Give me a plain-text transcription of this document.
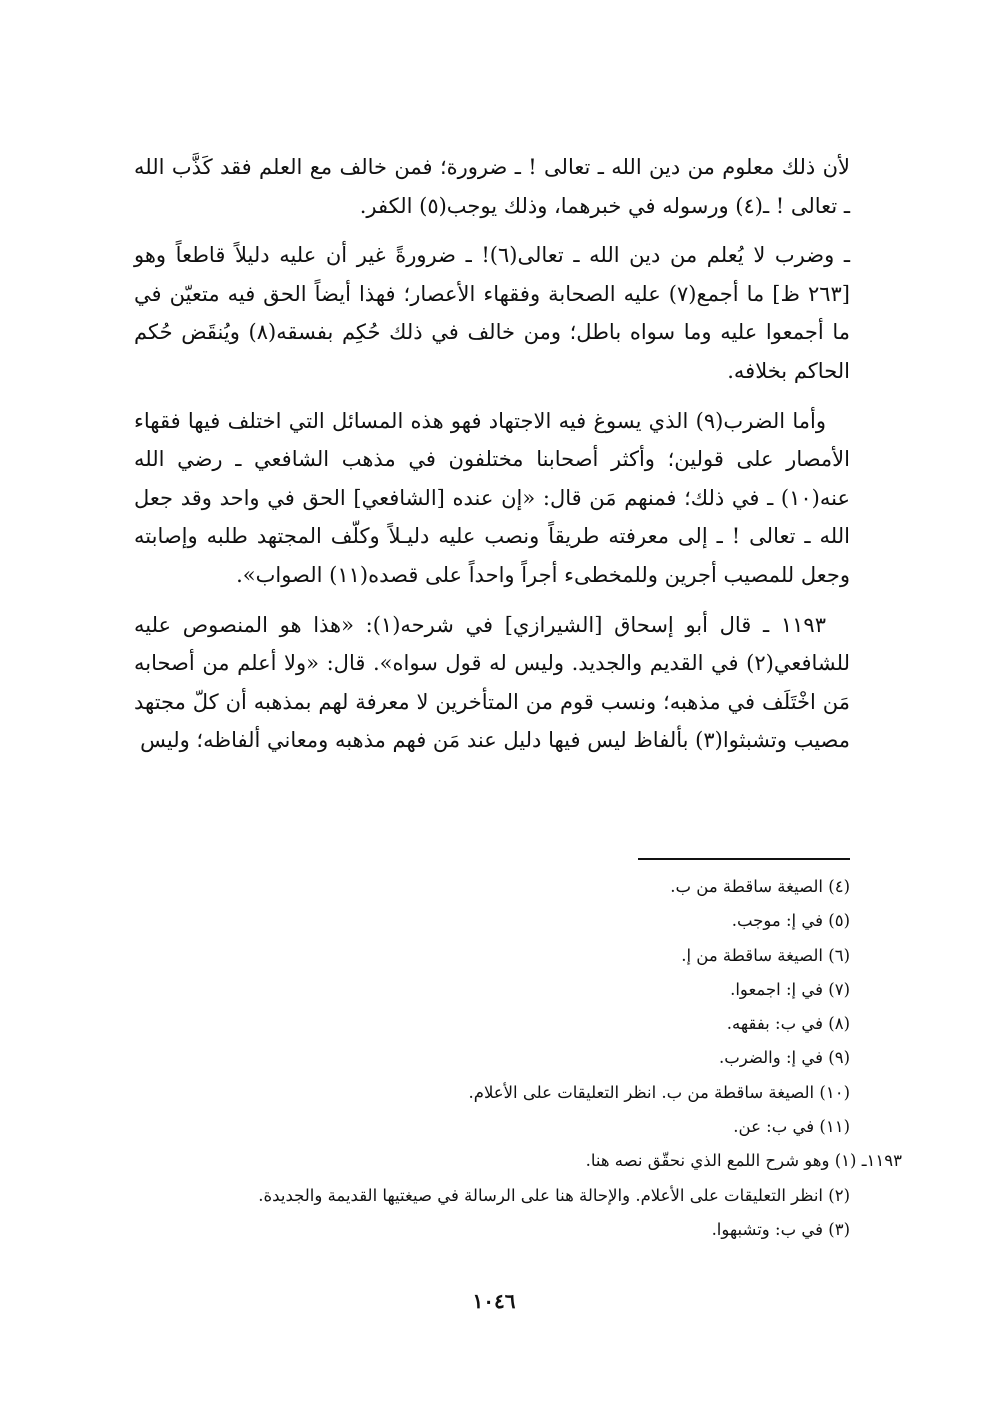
لأن ذلك معلوم من دين الله ـ تعالى ! ـ ضرورة؛ فمن خالف مع العلم فقد كَذَّب الله ـ تعالى ! ـ(٤) ورسوله في خبرهما، وذلك يوجب(٥) الكفر.

ـ وضرب لا يُعلم من دين الله ـ تعالى(٦)! ـ ضرورةً غير أن عليه دليلاً قاطعاً وهو [٢٦٣ ظ] ما أجمع(٧) عليه الصحابة وفقهاء الأعصار؛ فهذا أيضاً الحق فيه متعيّن في ما أجمعوا عليه وما سواه باطل؛ ومن خالف في ذلك حُكِم بفسقه(٨) ويُنقَض حُكم الحاكم بخلافه.

وأما الضرب(٩) الذي يسوغ فيه الاجتهاد فهو هذه المسائل التي اختلف فيها فقهاء الأمصار على قولين؛ وأكثر أصحابنا مختلفون في مذهب الشافعي ـ رضي الله عنه(١٠) ـ في ذلك؛ فمنهم مَن قال: «إن عنده [الشافعي] الحق في واحد وقد جعل الله ـ تعالى ! ـ إلى معرفته طريقاً ونصب عليه دليـلاً وكلّف المجتهد طلبه وإصابته وجعل للمصيب أجرين وللمخطىء أجراً واحداً على قصده(١١) الصواب».

١١٩٣ ـ قال أبو إسحاق [الشيرازي] في شرحه(١): «هذا هو المنصوص عليه للشافعي(٢) في القديم والجديد. وليس له قول سواه». قال: «ولا أعلم من أصحابه مَن اخْتَلَف في مذهبه؛ ونسب قوم من المتأخرين لا معرفة لهم بمذهبه أن كلّ مجتهد مصيب وتشبثوا(٣) بألفاظ ليس فيها دليل عند مَن فهم مذهبه ومعاني ألفاظه؛ وليس

(٤) الصيغة ساقطة من ب.
(٥) في إ: موجب.
(٦) الصيغة ساقطة من إ.
(٧) في إ: اجمعوا.
(٨) في ب: بفقهه.
(٩) في إ: والضرب.
(١٠) الصيغة ساقطة من ب. انظر التعليقات على الأعلام.
(١١) في ب: عن.
١١٩٣ـ (١) وهو شرح اللمع الذي نحقّق نصه هنا.
(٢) انظر التعليقات على الأعلام. والإحالة هنا على الرسالة في صيغتيها القديمة والجديدة.
(٣) في ب: وتشبهوا.
١٠٤٦
